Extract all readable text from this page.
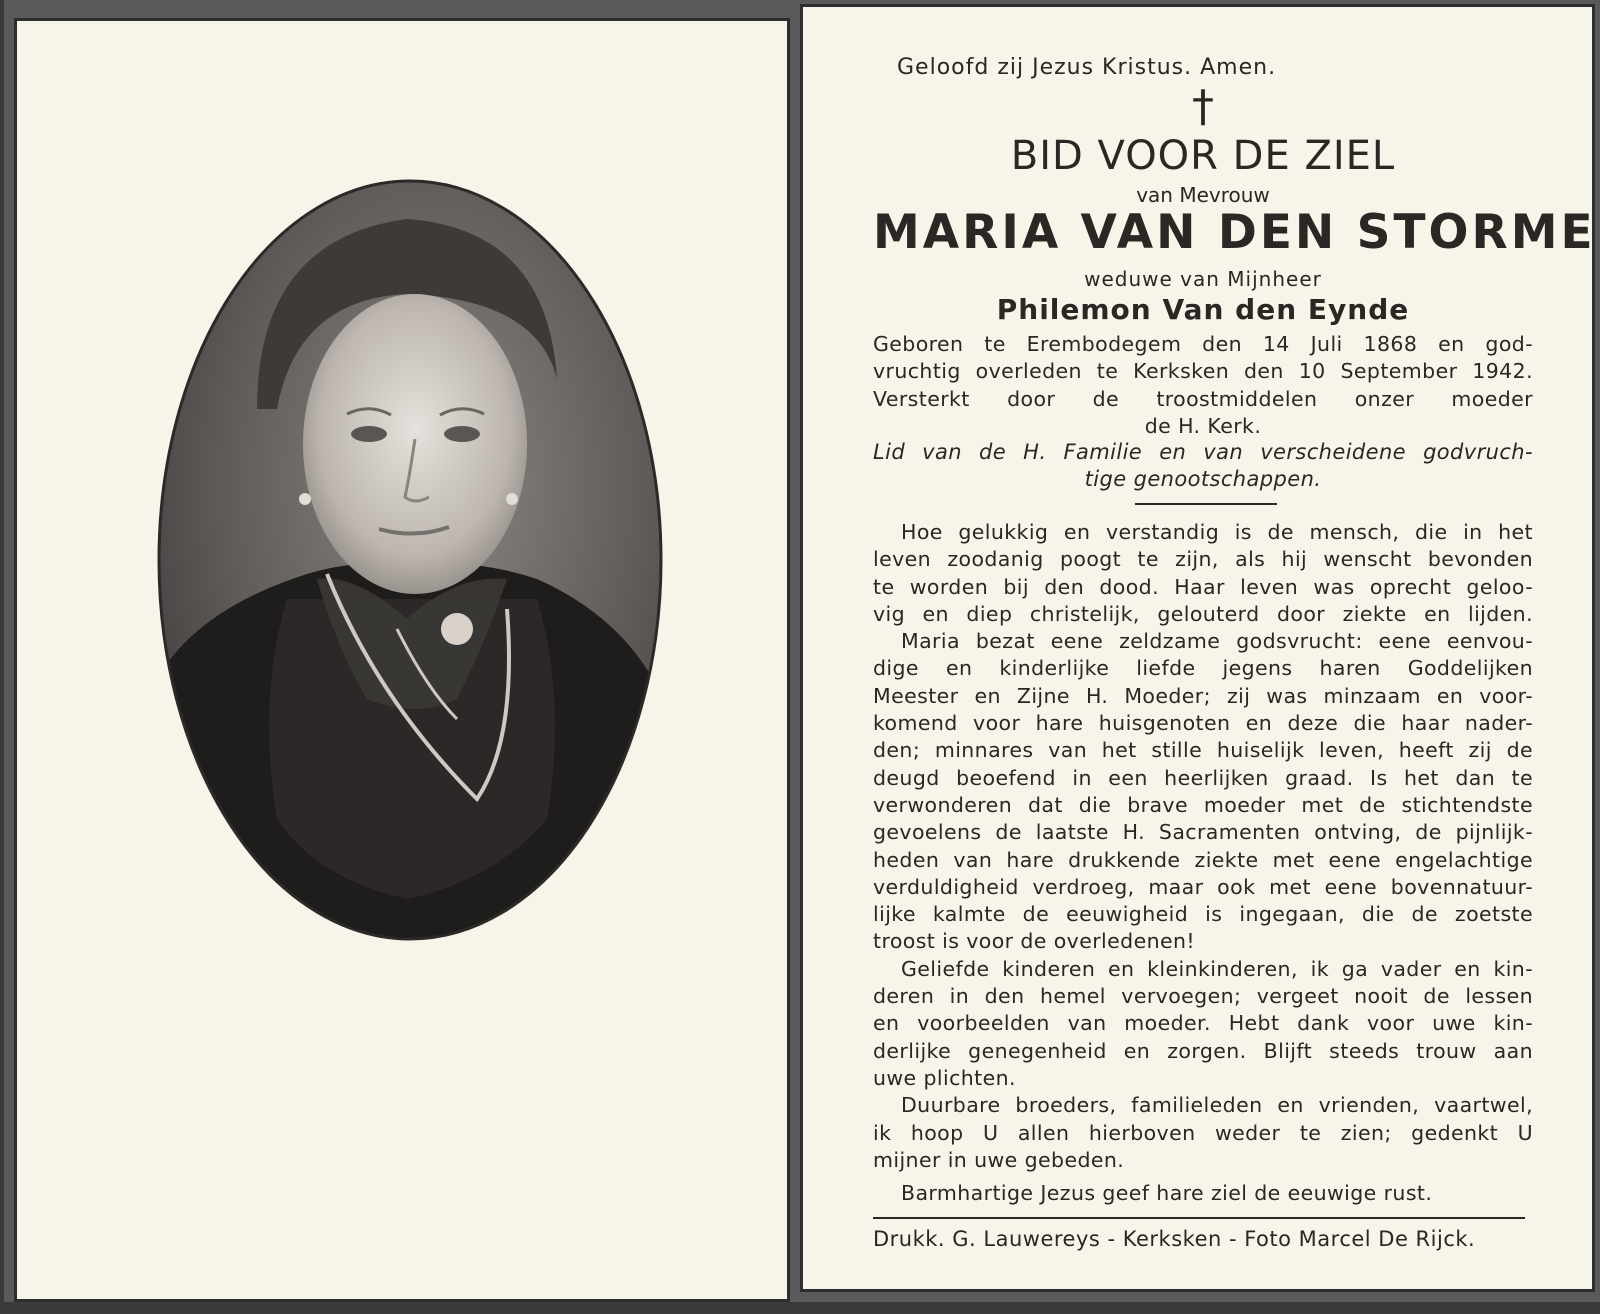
Geloofd zij Jezus Kristus. Amen.
†
BID VOOR DE ZIEL
van Mevrouw
MARIA VAN DEN STORME
weduwe van Mijnheer
Philemon Van den Eynde
Geboren te Erembodegem den 14 Juli 1868 en god-
vruchtig overleden te Kerksken den 10 September 1942.
Versterkt door de troostmiddelen onzer moeder
de H. Kerk.
Lid van de H. Familie en van verscheidene godvruch-
tige genootschappen.
Hoe gelukkig en verstandig is de mensch, die in het
leven zoodanig poogt te zijn, als hij wenscht bevonden
te worden bij den dood. Haar leven was oprecht geloo-
vig en diep christelijk, gelouterd door ziekte en lijden.
Maria bezat eene zeldzame godsvrucht: eene eenvou-
dige en kinderlijke liefde jegens haren Goddelijken
Meester en Zijne H. Moeder; zij was minzaam en voor-
komend voor hare huisgenoten en deze die haar nader-
den; minnares van het stille huiselijk leven, heeft zij de
deugd beoefend in een heerlijken graad. Is het dan te
verwonderen dat die brave moeder met de stichtendste
gevoelens de laatste H. Sacramenten ontving, de pijnlijk-
heden van hare drukkende ziekte met eene engelachtige
verduldigheid verdroeg, maar ook met eene bovennatuur-
lijke kalmte de eeuwigheid is ingegaan, die de zoetste
troost is voor de overledenen!
Geliefde kinderen en kleinkinderen, ik ga vader en kin-
deren in den hemel vervoegen; vergeet nooit de lessen
en voorbeelden van moeder. Hebt dank voor uwe kin-
derlijke genegenheid en zorgen. Blijft steeds trouw aan
uwe plichten.
Duurbare broeders, familieleden en vrienden, vaartwel,
ik hoop U allen hierboven weder te zien; gedenkt U
mijner in uwe gebeden.
Barmhartige Jezus geef hare ziel de eeuwige rust.
Drukk. G. Lauwereys - Kerksken - Foto Marcel De Rijck.
